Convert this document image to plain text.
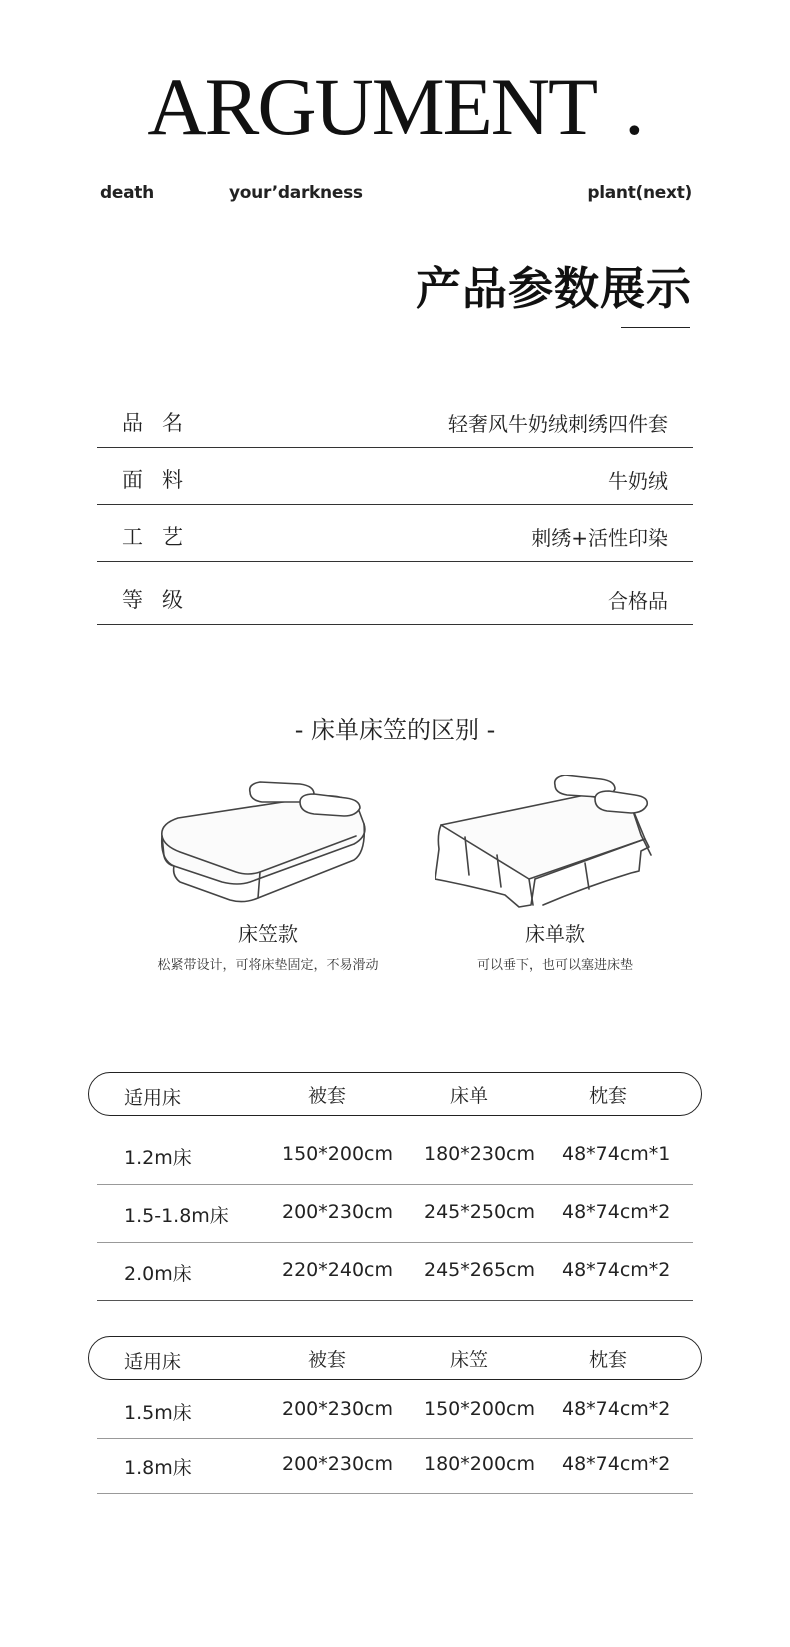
ARGUMENT .
death	your’darkness	plant(next)
产品参数展示
品名	轻奢风牛奶绒刺绣四件套
面料	牛奶绒
工艺	刺绣+活性印染
等级	合格品
- 床单床笠的区别 -
床笠款
松紧带设计，可将床垫固定，不易滑动
床单款
可以垂下，也可以塞进床垫
适用床	被套	床单	枕套
1.2m床	150*200cm 180*230cm 48*74cm*1
1.5-1.8m床	200*230cm 245*250cm 48*74cm*2
2.0m床	220*240cm 245*265cm 48*74cm*2
适用床	被套	床笠	枕套
1.5m床	200*230cm 150*200cm 48*74cm*2
1.8m床	200*230cm 180*200cm 48*74cm*2
